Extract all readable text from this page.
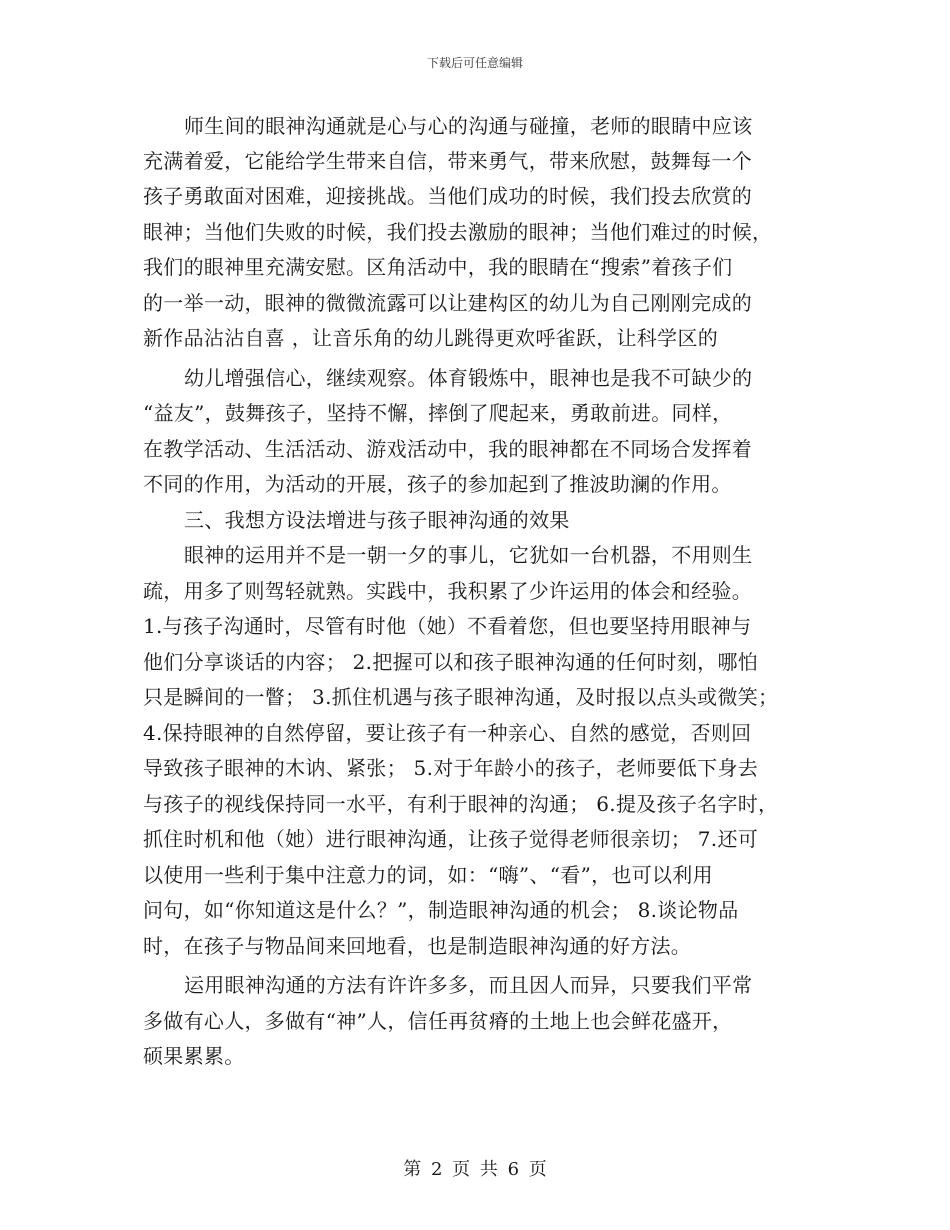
下载后可任意编辑
师生间的眼神沟通就是心与心的沟通与碰撞，老师的眼睛中应该
充满着爱，它能给学生带来自信，带来勇气，带来欣慰，鼓舞每一个
孩子勇敢面对困难，迎接挑战。当他们成功的时候，我们投去欣赏的
眼神；当他们失败的时候，我们投去激励的眼神；当他们难过的时候，
我们的眼神里充满安慰。区角活动中，我的眼睛在“搜索”着孩子们
的一举一动，眼神的微微流露可以让建构区的幼儿为自己刚刚完成的
新作品沾沾自喜 ，让音乐角的幼儿跳得更欢呼雀跃，让科学区的
幼儿增强信心，继续观察。体育锻炼中，眼神也是我不可缺少的
“益友”，鼓舞孩子，坚持不懈，摔倒了爬起来，勇敢前进。同样，
在教学活动、生活活动、游戏活动中，我的眼神都在不同场合发挥着
不同的作用，为活动的开展，孩子的参加起到了推波助澜的作用。
三、我想方设法增进与孩子眼神沟通的效果
眼神的运用并不是一朝一夕的事儿，它犹如一台机器，不用则生
疏，用多了则驾轻就熟。实践中，我积累了少许运用的体会和经验。
1.与孩子沟通时，尽管有时他（她）不看着您，但也要坚持用眼神与
他们分享谈话的内容； 2.把握可以和孩子眼神沟通的任何时刻，哪怕
只是瞬间的一瞥； 3.抓住机遇与孩子眼神沟通，及时报以点头或微笑；
4.保持眼神的自然停留，要让孩子有一种亲心、自然的感觉，否则回
导致孩子眼神的木讷、紧张； 5.对于年龄小的孩子，老师要低下身去
与孩子的视线保持同一水平，有利于眼神的沟通； 6.提及孩子名字时，
抓住时机和他（她）进行眼神沟通，让孩子觉得老师很亲切； 7.还可
以使用一些利于集中注意力的词，如：“嗨”、“看”，也可以利用
问句，如“你知道这是什么？”，制造眼神沟通的机会； 8.谈论物品
时，在孩子与物品间来回地看，也是制造眼神沟通的好方法。
运用眼神沟通的方法有许许多多，而且因人而异，只要我们平常
多做有心人，多做有“神”人，信任再贫瘠的土地上也会鲜花盛开，
硕果累累。
第 2 页 共 6 页
